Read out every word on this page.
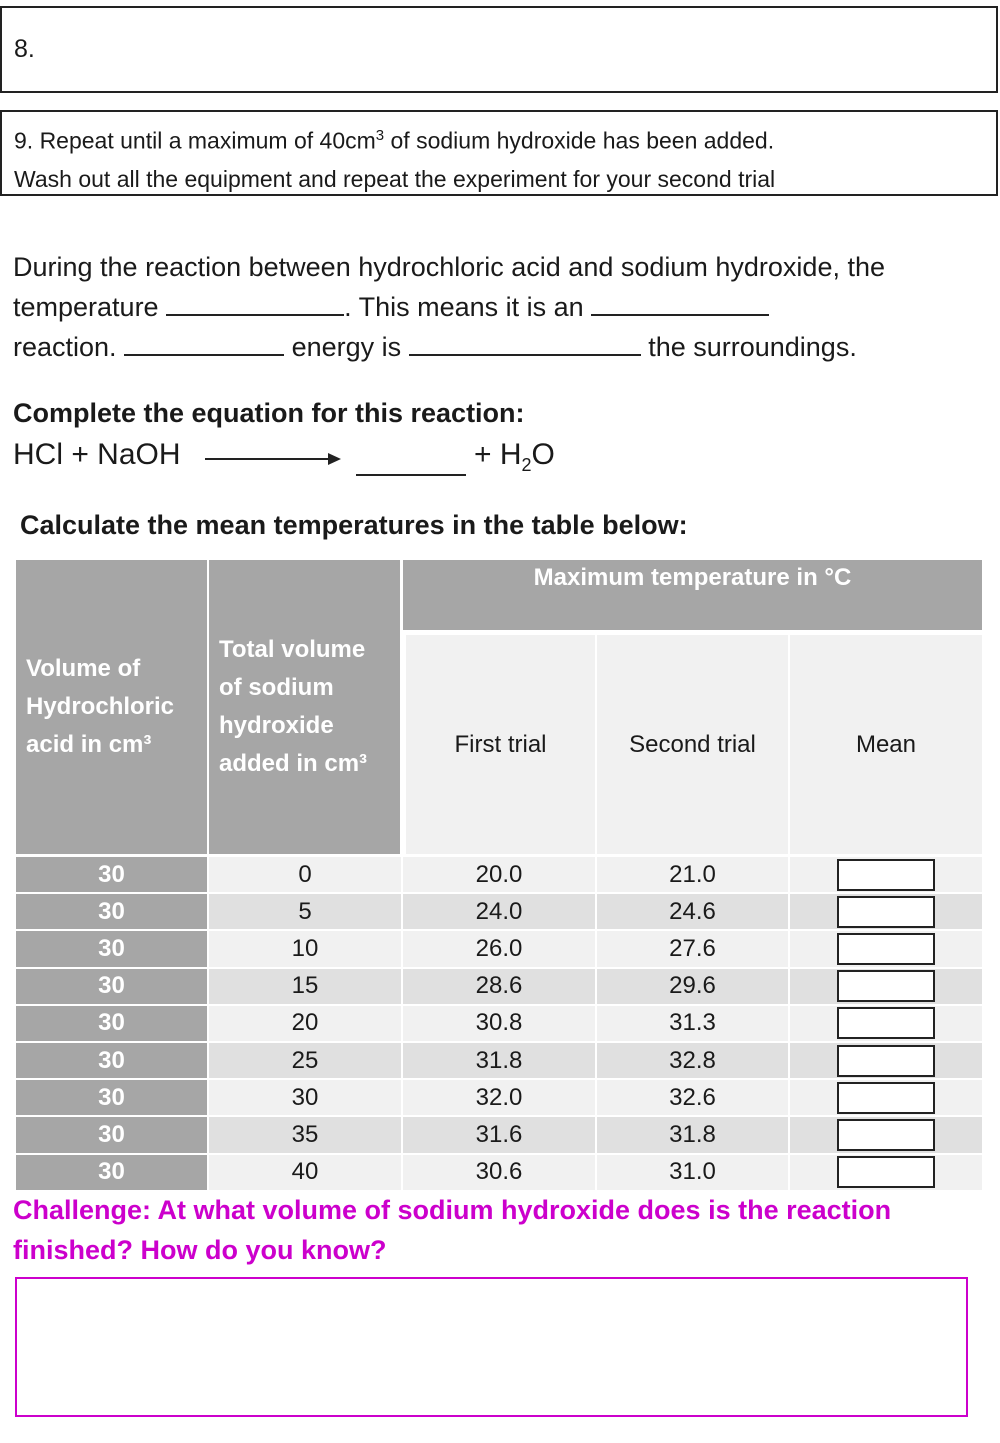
8.
9. Repeat until a maximum of $40cm^3$ of sodium hydroxide has been added.
Wash out all the equipment and repeat the experiment for your second trial
During the reaction between hydrochloric acid and sodium hydroxide, the temperature	. This means it is an
reaction.	energy is	the surroundings.
Complete the equation for this reaction:
HCl + NaOH	+ $H_2O$
Calculate the mean temperatures in the table below:
Volume of Hydrochloric acid in cm³
Total volume of sodium hydroxide added in cm³
Maximum temperature in °C
First trial	Second trial	Mean
30	0	20.0	21.0
30	5	24.0	24.6
30	10	26.0	27.6
30	15	28.6	29.6
30	20	30.8	31.3
30	25	31.8	32.8
30	30	32.0	32.6
30	35	31.6	31.8
30	40	30.6	31.0
Challenge: At what volume of sodium hydroxide does is the reaction finished? How do you know?
